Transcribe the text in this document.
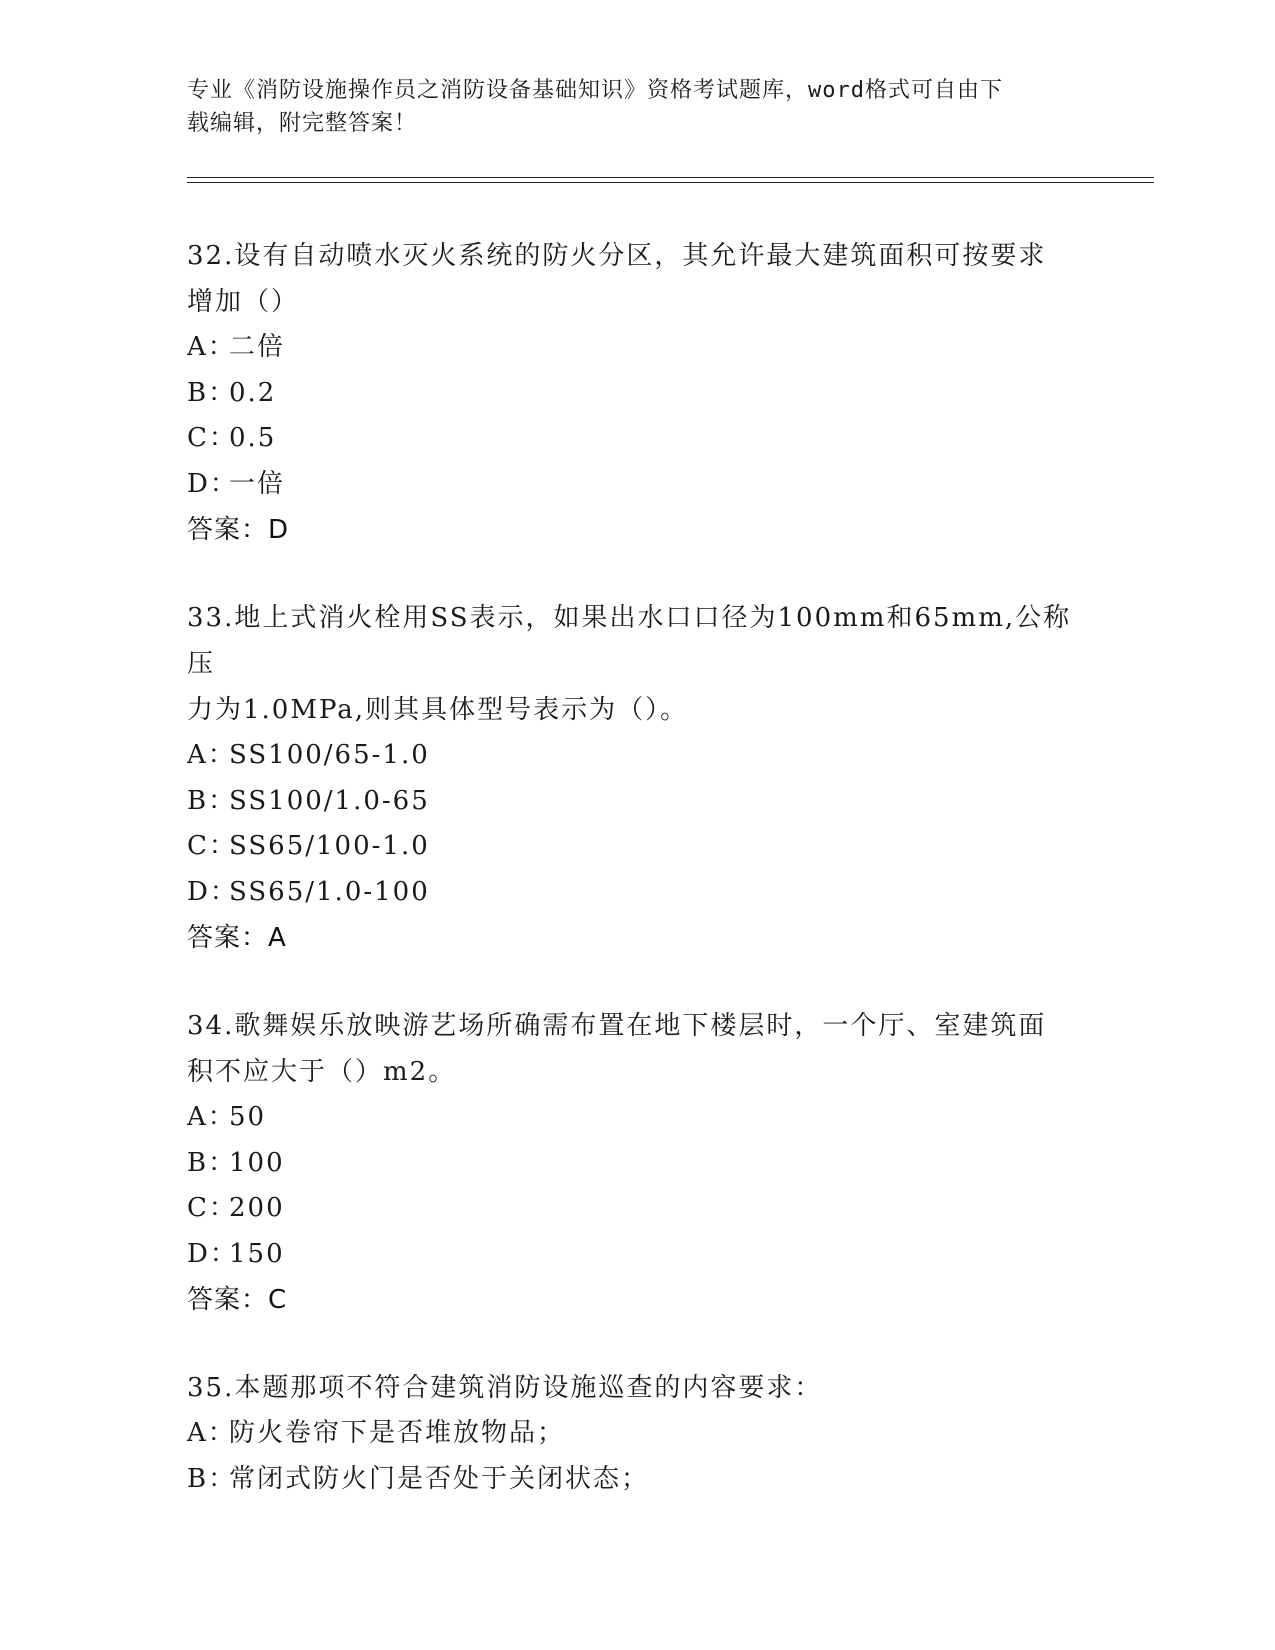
专业《消防设施操作员之消防设备基础知识》资格考试题库，word格式可自由下
载编辑，附完整答案！
32.设有自动喷水灭火系统的防火分区，其允许最大建筑面积可按要求
增加（）
A：二倍
B：0.2
C：0.5
D：一倍
答案：D
33.地上式消火栓用SS表示，如果出水口口径为100mm和65mm,公称压
力为1.0MPa,则其具体型号表示为（）。
A：SS100/65-1.0
B：SS100/1.0-65
C：SS65/100-1.0
D：SS65/1.0-100
答案：A
34.歌舞娱乐放映游艺场所确需布置在地下楼层时，一个厅、室建筑面
积不应大于（）m2。
A：50
B：100
C：200
D：150
答案：C
35.本题那项不符合建筑消防设施巡查的内容要求：
A：防火卷帘下是否堆放物品；
B：常闭式防火门是否处于关闭状态；
